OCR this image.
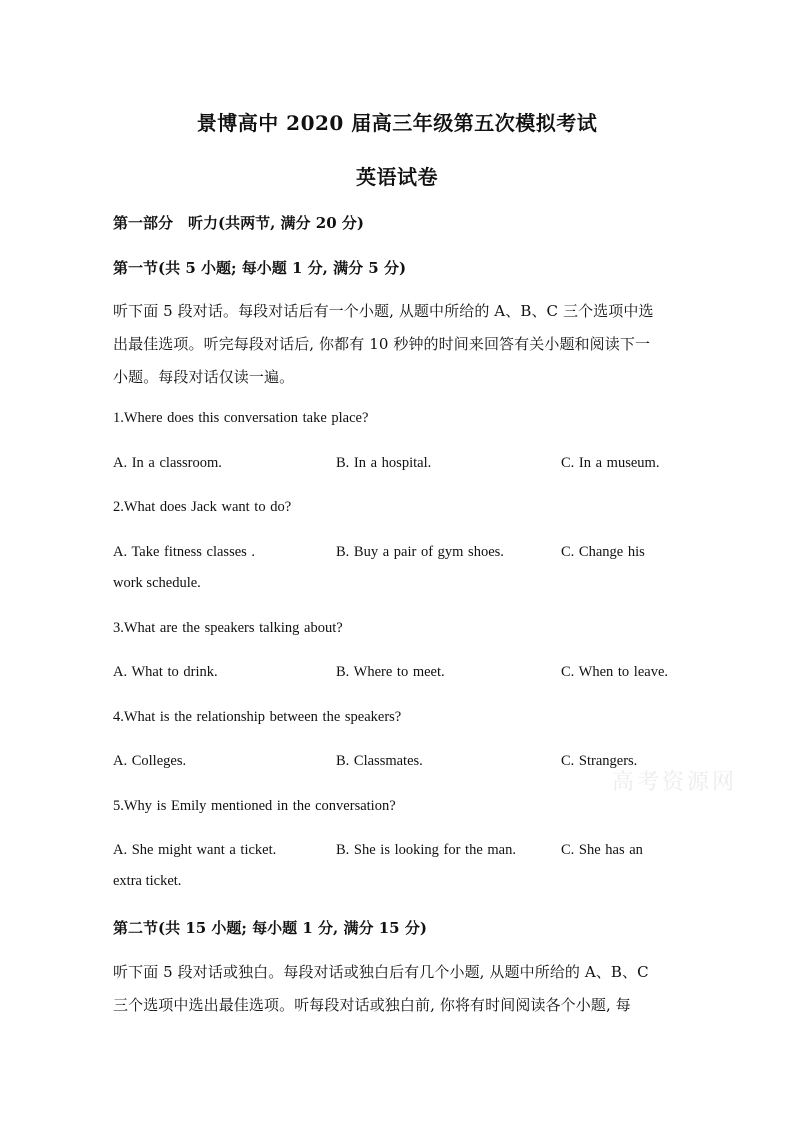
景博高中 2020 届高三年级第五次模拟考试
英语试卷
第一部分　听力(共两节, 满分 20 分)
第一节(共 5 小题; 每小题 1 分, 满分 5 分)
听下面 5 段对话。每段对话后有一个小题, 从题中所给的 A、B、C 三个选项中选
出最佳选项。听完每段对话后, 你都有 10 秒钟的时间来回答有关小题和阅读下一
小题。每段对话仅读一遍。
1.Where does this conversation take place?
A. In a classroom.	B. In a hospital.	C. In a museum.
2.What does Jack want to do?
A. Take fitness classes .	B. Buy a pair of gym shoes.	C. Change his
work schedule.
3.What are the speakers talking about?
A. What to drink.	B. Where to meet.	C. When to leave.
4.What is the relationship between the speakers?
A. Colleges.	B. Classmates.	C. Strangers.
高考资源网
5.Why is Emily mentioned in the conversation?
A. She might want a ticket.	B. She is looking for the man.	C. She has an
extra ticket.
第二节(共 15 小题; 每小题 1 分, 满分 15 分)
听下面 5 段对话或独白。每段对话或独白后有几个小题, 从题中所给的 A、B、C
三个选项中选出最佳选项。听每段对话或独白前, 你将有时间阅读各个小题, 每
